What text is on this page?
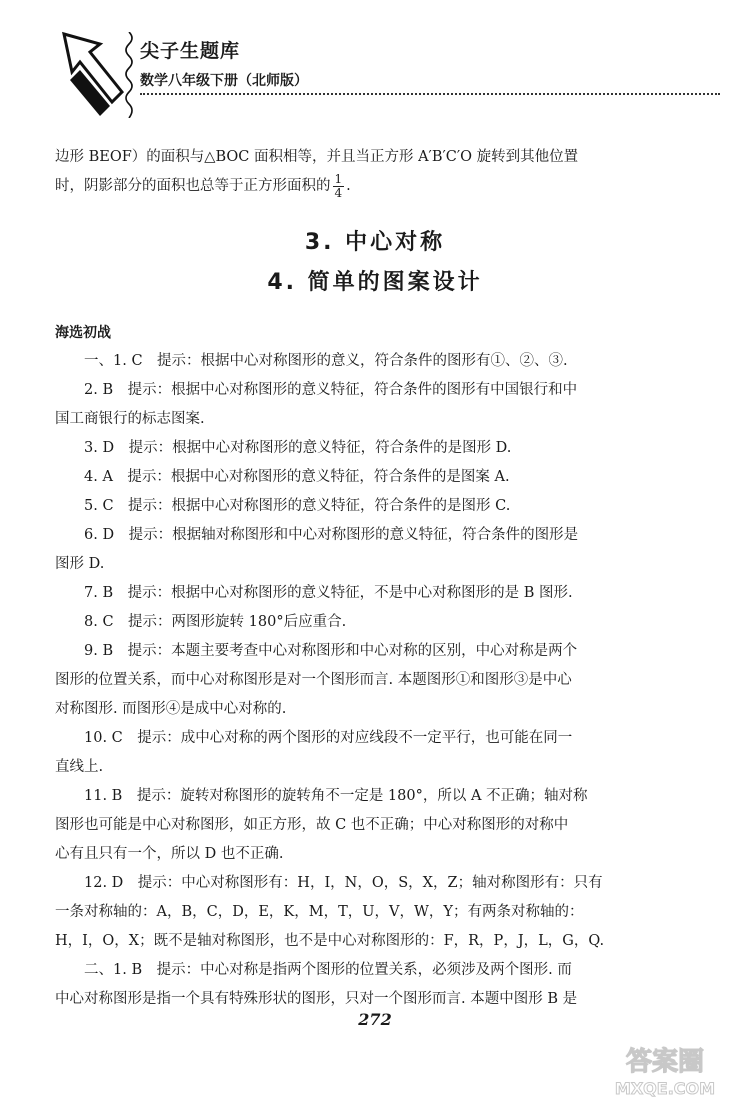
尖子生题库
数学八年级下册（北师版）

边形 BEOF）的面积与△BOC 面积相等，并且当正方形 A′B′C′O 旋转到其他位置

时，阴影部分的面积也总等于正方形面积的 $\frac{1}{4}$ .

3. 中心对称
4. 简单的图案设计
海选初战

一、1. C　提示：根据中心对称图形的意义，符合条件的图形有①、②、③.

2. B　提示：根据中心对称图形的意义特征，符合条件的图形有中国银行和中

国工商银行的标志图案.

3. D　提示：根据中心对称图形的意义特征，符合条件的是图形 D.

4. A　提示：根据中心对称图形的意义特征，符合条件的是图案 A.

5. C　提示：根据中心对称图形的意义特征，符合条件的是图形 C.

6. D　提示：根据轴对称图形和中心对称图形的意义特征，符合条件的图形是

图形 D.

7. B　提示：根据中心对称图形的意义特征，不是中心对称图形的是 B 图形.

8. C　提示：两图形旋转 180°后应重合.

9. B　提示：本题主要考查中心对称图形和中心对称的区别，中心对称是两个

图形的位置关系，而中心对称图形是对一个图形而言. 本题图形①和图形③是中心

对称图形. 而图形④是成中心对称的.

10. C　提示：成中心对称的两个图形的对应线段不一定平行，也可能在同一

直线上.

11. B　提示：旋转对称图形的旋转角不一定是 180°，所以 A 不正确；轴对称

图形也可能是中心对称图形，如正方形，故 C 也不正确；中心对称图形的对称中

心有且只有一个，所以 D 也不正确.

12. D　提示：中心对称图形有：H，I，N，O，S，X，Z；轴对称图形有：只有

一条对称轴的：A，B，C，D，E，K，M，T，U，V，W，Y；有两条对称轴的：

H，I，O，X；既不是轴对称图形，也不是中心对称图形的：F，R，P，J，L，G，Q.

二、1. B　提示：中心对称是指两个图形的位置关系，必须涉及两个图形. 而

中心对称图形是指一个具有特殊形状的图形，只对一个图形而言. 本题中图形 B 是

272
答案圈
MXQE.COM
